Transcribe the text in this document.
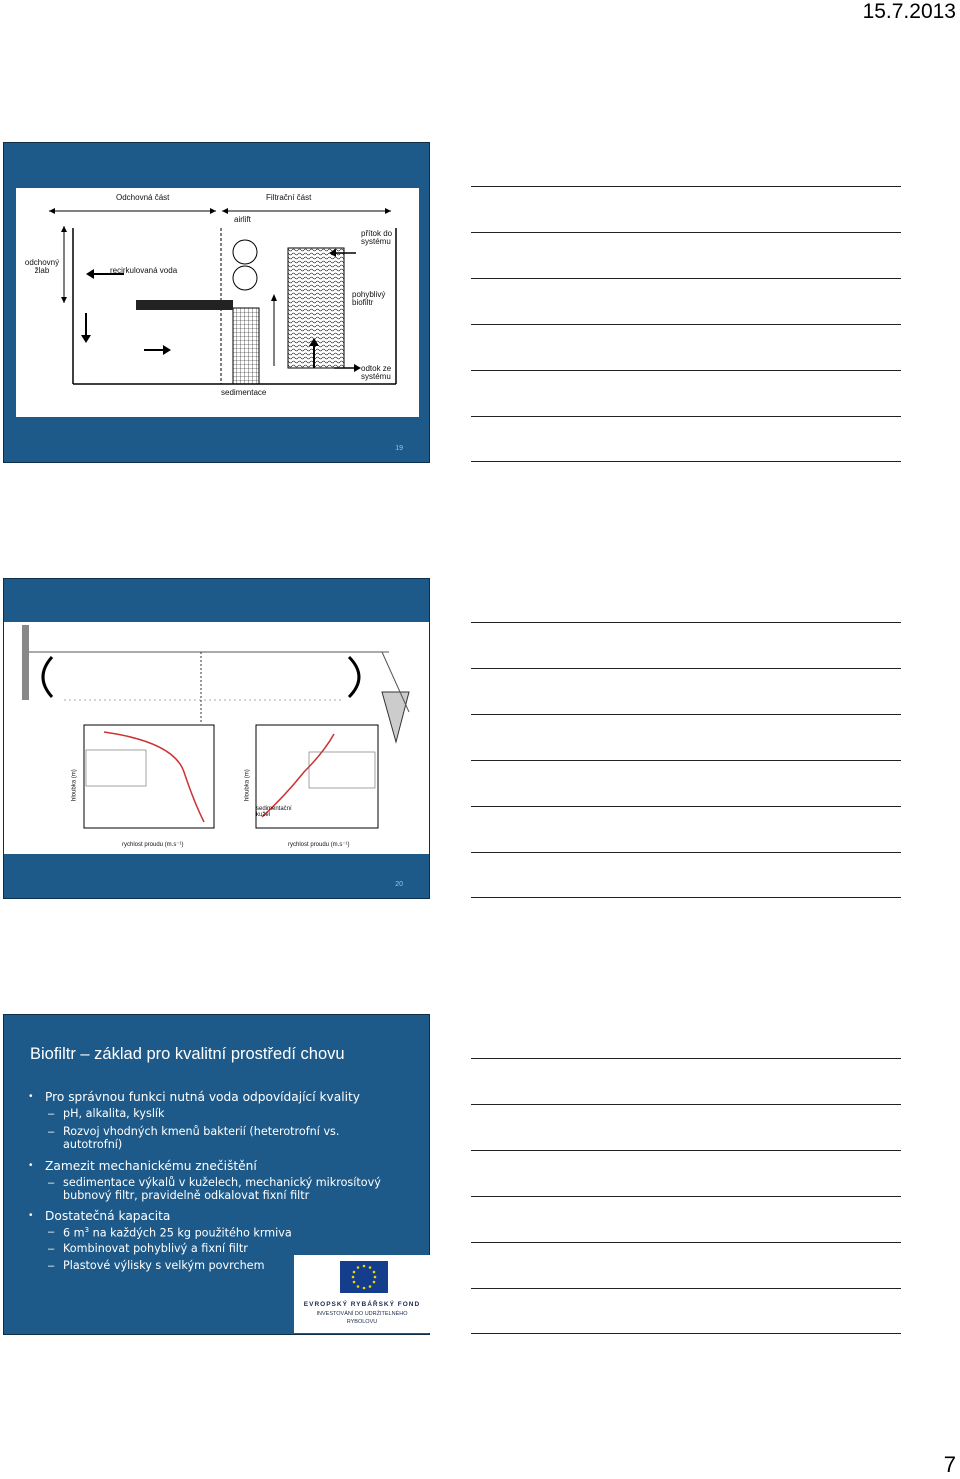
15.7.2013
Odchovná část	Filtrační část
airlift
přítok do systému
odchovný žlab	recirkulovaná voda
pohyblivý biofiltr
odtok ze systému
sedimentace
19
hloubka (m)
rychlost proudu (m.s⁻¹)
hloubka (m)
rychlost proudu (m.s⁻¹)
sedimentační kužel
20
Biofiltr – základ pro kvalitní prostředí chovu
• Pro správnou funkci nutná voda odpovídající kvality
– pH, alkalita, kyslík
– Rozvoj vhodných kmenů bakterií (heterotrofní vs.
autotrofní)
• Zamezit mechanickému znečištění
– sedimentace výkalů v kuželech, mechanický mikrosítový
bubnový filtr, pravidelně odkalovat fixní filtr
• Dostatečná kapacita
– 6 $m^3$ na každých 25 kg použitého krmiva
– Kombinovat pohyblivý a fixní filtr
– Plastové výlisky s velkým povrchem
EVROPSKÝ RYBÁŘSKÝ FOND
INVESTOVÁNÍ DO UDRŽITELNÉHO
RYBOLOVU
7
